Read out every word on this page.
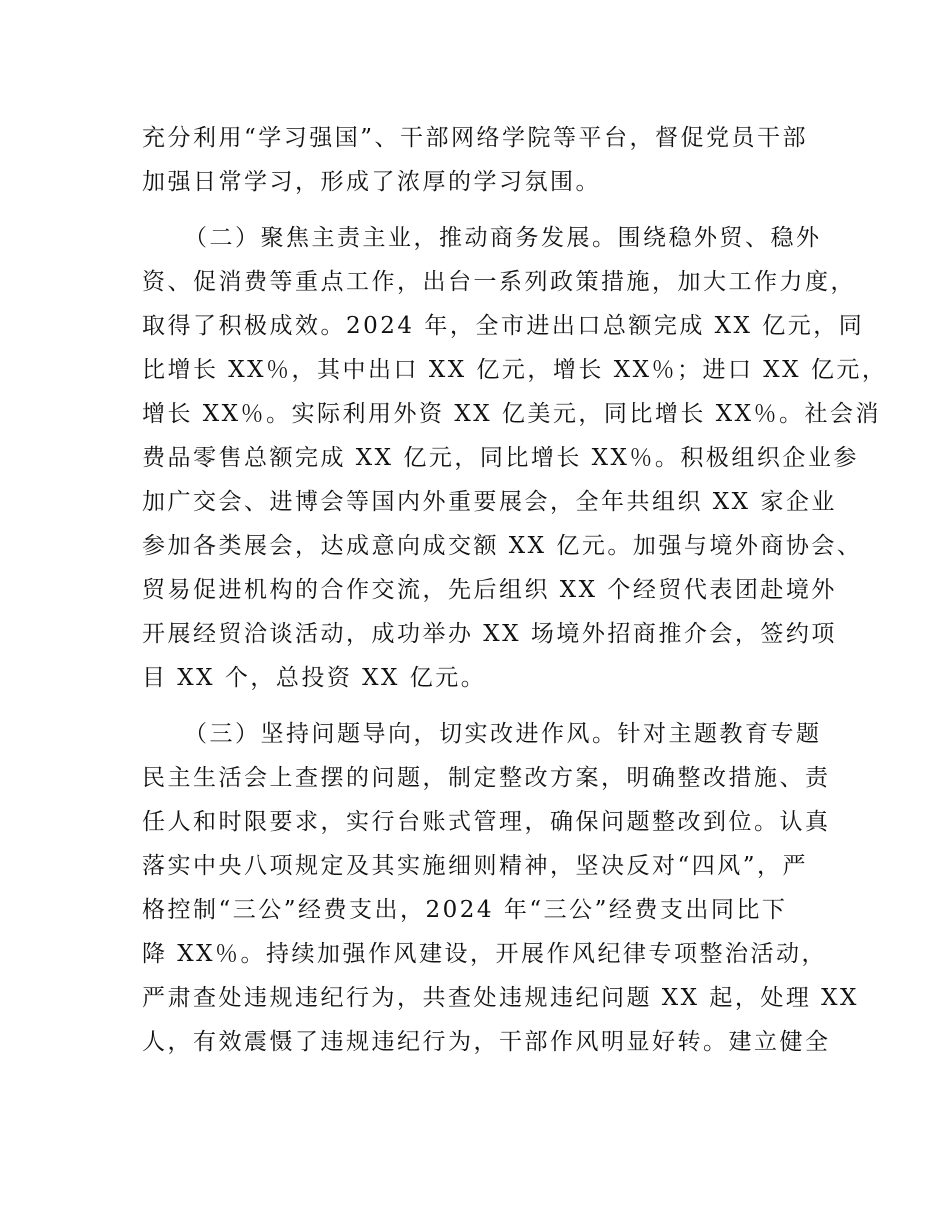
充分利用“学习强国”、干部网络学院等平台，督促党员干部
加强日常学习，形成了浓厚的学习氛围。
（二）聚焦主责主业，推动商务发展。围绕稳外贸、稳外
资、促消费等重点工作，出台一系列政策措施，加大工作力度，
取得了积极成效。2024 年，全市进出口总额完成 XX 亿元，同
比增长 XX％，其中出口 XX 亿元，增长 XX％；进口 XX 亿元，
增长 XX％。实际利用外资 XX 亿美元，同比增长 XX％。社会消
费品零售总额完成 XX 亿元，同比增长 XX％。积极组织企业参
加广交会、进博会等国内外重要展会，全年共组织 XX 家企业
参加各类展会，达成意向成交额 XX 亿元。加强与境外商协会、
贸易促进机构的合作交流，先后组织 XX 个经贸代表团赴境外
开展经贸洽谈活动，成功举办 XX 场境外招商推介会，签约项
目 XX 个，总投资 XX 亿元。
（三）坚持问题导向，切实改进作风。针对主题教育专题
民主生活会上查摆的问题，制定整改方案，明确整改措施、责
任人和时限要求，实行台账式管理，确保问题整改到位。认真
落实中央八项规定及其实施细则精神，坚决反对“四风”，严
格控制“三公”经费支出，2024 年“三公”经费支出同比下
降 XX％。持续加强作风建设，开展作风纪律专项整治活动，
严肃查处违规违纪行为，共查处违规违纪问题 XX 起，处理 XX
人，有效震慑了违规违纪行为，干部作风明显好转。建立健全
